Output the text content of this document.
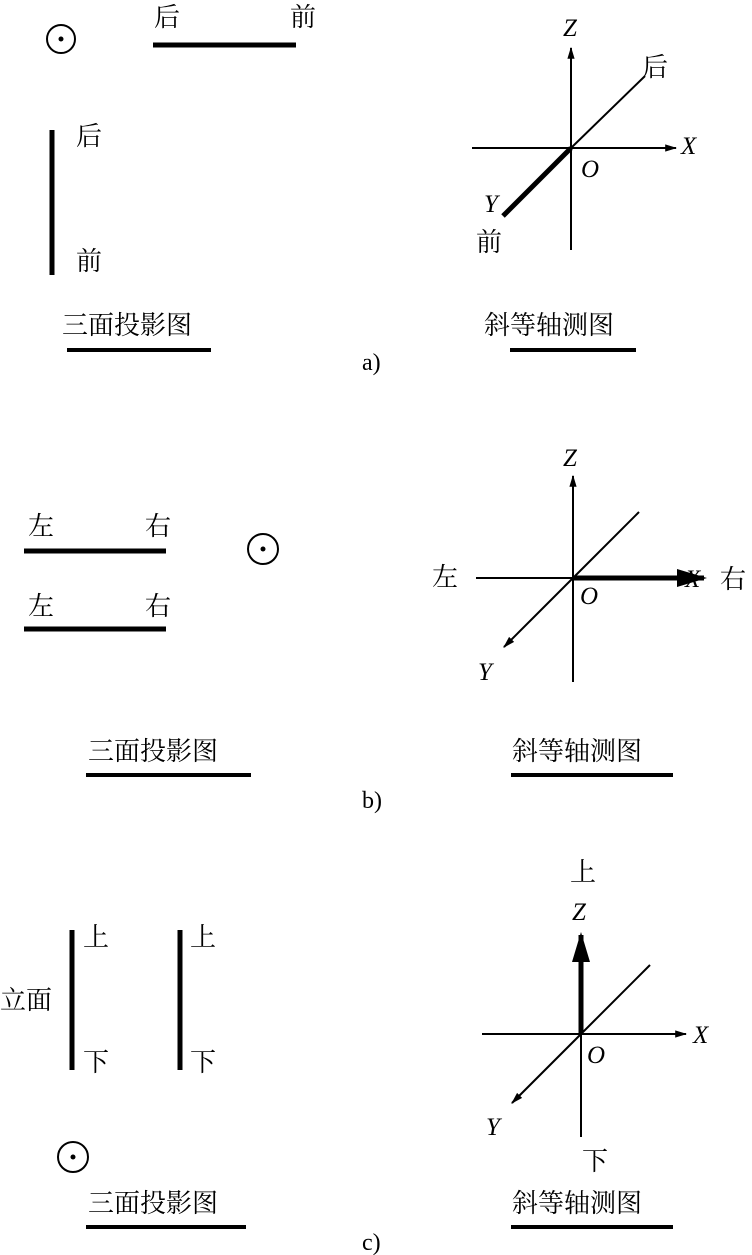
后	前
后
前
三面投影图
Z
X
O
Y
后
前
斜等轴测图
a)
左	右
左	右
三面投影图
Z
X 右
左
O
Y
斜等轴测图
b)
立面
上
下
上
下
三面投影图
上
Z
X
O
Y
下
斜等轴测图
c)
